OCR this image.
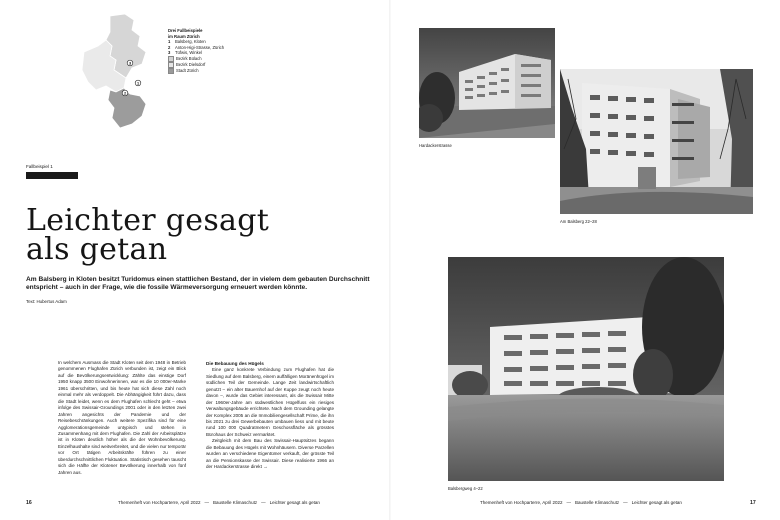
3
1
2
Drei Fallbeispiele
im Raum Zürich
1	Balsberg, Kloten
2	Anton-Higi-Strasse, Zürich
3	Tüfwis, Winkel
Bezirk Bülach
Bezirk Dielsdorf
Stadt Zürich
Fallbeispiel 1
Leichter gesagt
als getan

Am Balsberg in Kloten besitzt Turidomus einen stattlichen Bestand, der in vielem dem gebauten Durchschnitt entspricht – auch in der Frage, wie die fossile Wärmeversorgung erneuert werden könnte.

Text: Hubertus Adam

In welchem Ausmass die Stadt Kloten seit dem 1948 in Betrieb genommenen Flughafen Zürich verbunden ist, zeigt ein Blick auf die Bevölkerungsentwicklung: Zählte das einstige Dorf 1950 knapp 3500 Einwohnerinnen, war es die 10 000er-Marke 1961 überschritten, und bis heute hat sich diese Zahl noch einmal mehr als verdoppelt. Die Abhängigkeit führt dazu, dass die Stadt leidet, wenn es dem Flughafen schlecht geht – etwa infolge des Swissair-Groundings 2001 oder in den letzten zwei Jahren angesichts der Pandemie und der Reisebeschränkungen. Auch weitere Spezifika sind für eine Agglomerationsgemeinde untypisch und stehen in Zusammenhang mit dem Flughafen. Die Zahl der Arbeitsplätze ist in Kloten deutlich höher als die der Wohnbevölkerung. Einzelhaushalte sind weitverbreitet, und die vielen nur temporär vor Ort tätigen Arbeitskräfte führen zu einer überdurchschnittlichen Fluktuation. Statistisch gesehen tauscht sich die Hälfte der Klotener Bevölkerung innerhalb von fünf Jahren aus.

Die Bebauung des Hügels

Eine ganz konkrete Verbindung zum Flughafen hat die Siedlung auf dem Balsberg, einem auffälligen Moränenhügel im südlichen Teil der Gemeinde. Lange Zeit landwirtschaftlich genutzt – ein alter Bauernhof auf der Kuppe zeugt noch heute davon –, wurde das Gebiet interessant, als die Swissair Mitte der 1960er-Jahre am südwestlichen Hügelfuss ein riesiges Verwaltungsgebäude errichtete. Nach dem Grounding gelangte der Komplex 2005 an die Immobiliengesellschaft Prime, die ihn bis 2021 zu drei Gewerbebauten umbauen liess und mit beute rund 100 000 Quadratmetern Geschossfläche als grösstes Bürohaus der Schweiz vermarktet.

Zeitgleich mit dem Bau des Swissair-Hauptsitzes begann die Bebauung des Hügels mit Wohnhäusern. Diverse Parzellen wurden an verschiedene Eigentümer verkauft, der grösste Teil an die Pensionskasse der Swissair. Diese realisierte 1966 an der Hardackerstrasse direkt →

Hardackerstrasse
Am Balsberg 22–28
Balsbergweg 4–22
16	Themenheft von Hochparterre, April 2022 — Baustelle Klimaschutz — Leichter gesagt als getan	Themenheft von Hochparterre, April 2022 — Baustelle Klimaschutz — Leichter gesagt als getan	17
